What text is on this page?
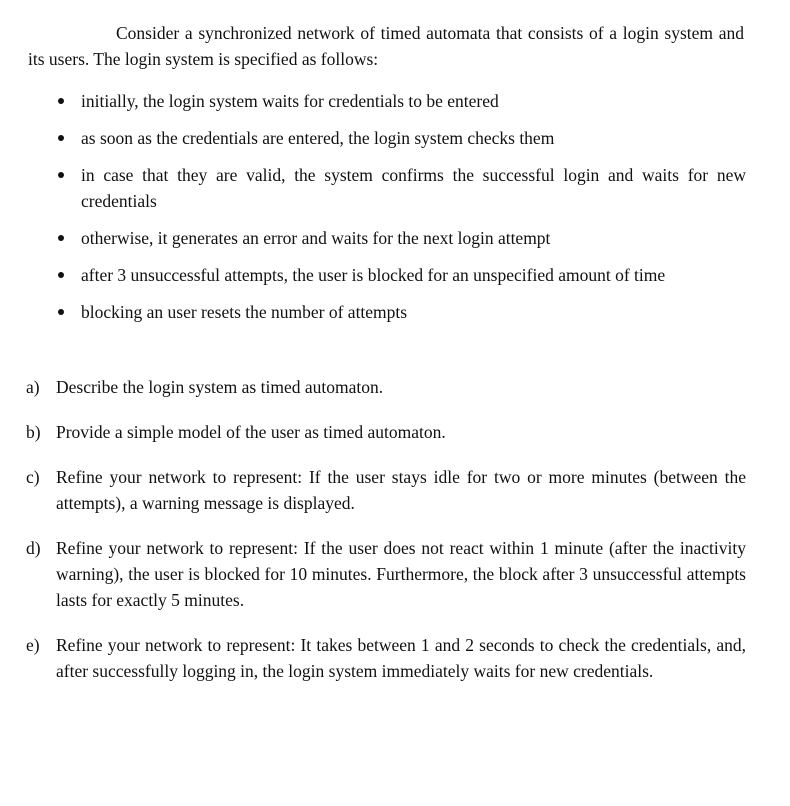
Consider a synchronized network of timed automata that consists of a login system and its users. The login system is specified as follows:

initially, the login system waits for credentials to be entered
as soon as the credentials are entered, the login system checks them
in case that they are valid, the system confirms the successful login and waits for new credentials
otherwise, it generates an error and waits for the next login attempt
after 3 unsuccessful attempts, the user is blocked for an unspecified amount of time
blocking an user resets the number of attempts
a) Describe the login system as timed automaton.
b) Provide a simple model of the user as timed automaton.
c) Refine your network to represent: If the user stays idle for two or more minutes (between the attempts), a warning message is displayed.
d) Refine your network to represent: If the user does not react within 1 minute (after the inactivity warning), the user is blocked for 10 minutes. Furthermore, the block after 3 unsuccessful attempts lasts for exactly 5 minutes.
e) Refine your network to represent: It takes between 1 and 2 seconds to check the credentials, and, after successfully logging in, the login system immediately waits for new credentials.
